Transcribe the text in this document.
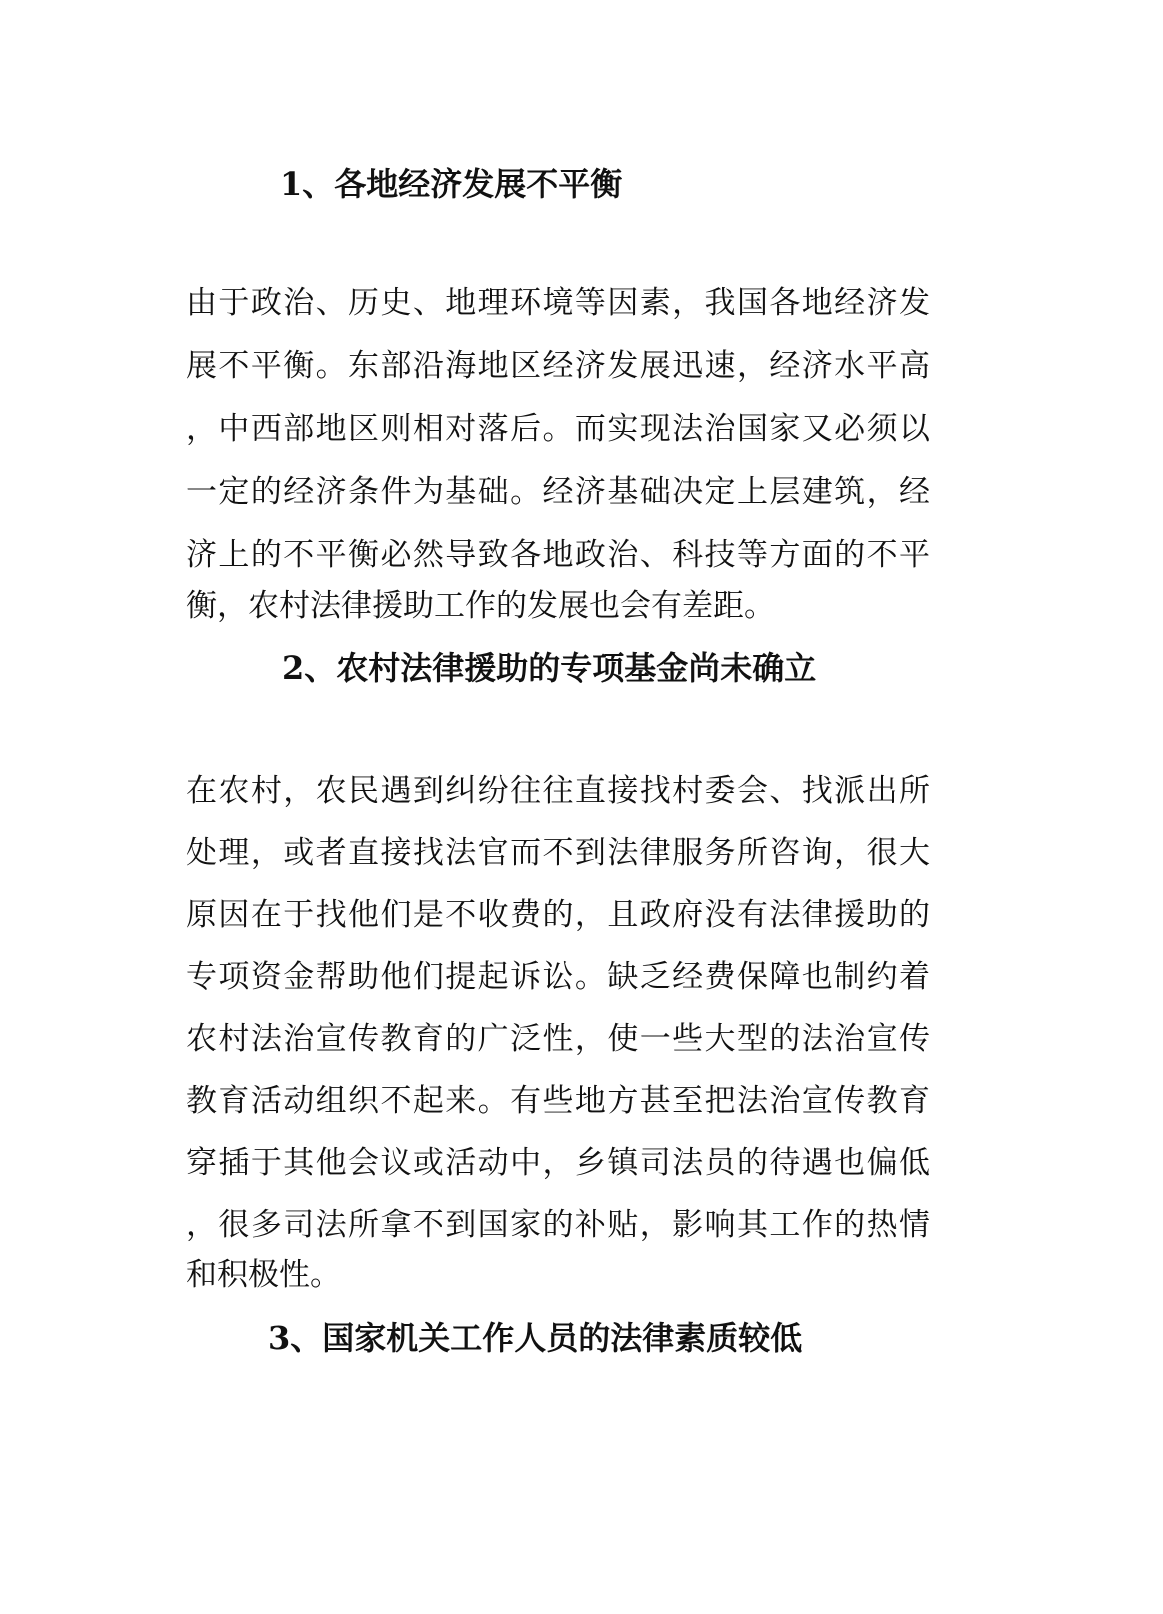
1、各地经济发展不平衡
由于政治、历史、地理环境等因素，我国各地经济发
展不平衡。东部沿海地区经济发展迅速，经济水平高
，中西部地区则相对落后。而实现法治国家又必须以
一定的经济条件为基础。经济基础决定上层建筑，经
济上的不平衡必然导致各地政治、科技等方面的不平
衡，农村法律援助工作的发展也会有差距。
2、农村法律援助的专项基金尚未确立
在农村，农民遇到纠纷往往直接找村委会、找派出所
处理，或者直接找法官而不到法律服务所咨询，很大
原因在于找他们是不收费的，且政府没有法律援助的
专项资金帮助他们提起诉讼。缺乏经费保障也制约着
农村法治宣传教育的广泛性，使一些大型的法治宣传
教育活动组织不起来。有些地方甚至把法治宣传教育
穿插于其他会议或活动中，乡镇司法员的待遇也偏低
，很多司法所拿不到国家的补贴，影响其工作的热情
和积极性。
3、国家机关工作人员的法律素质较低
